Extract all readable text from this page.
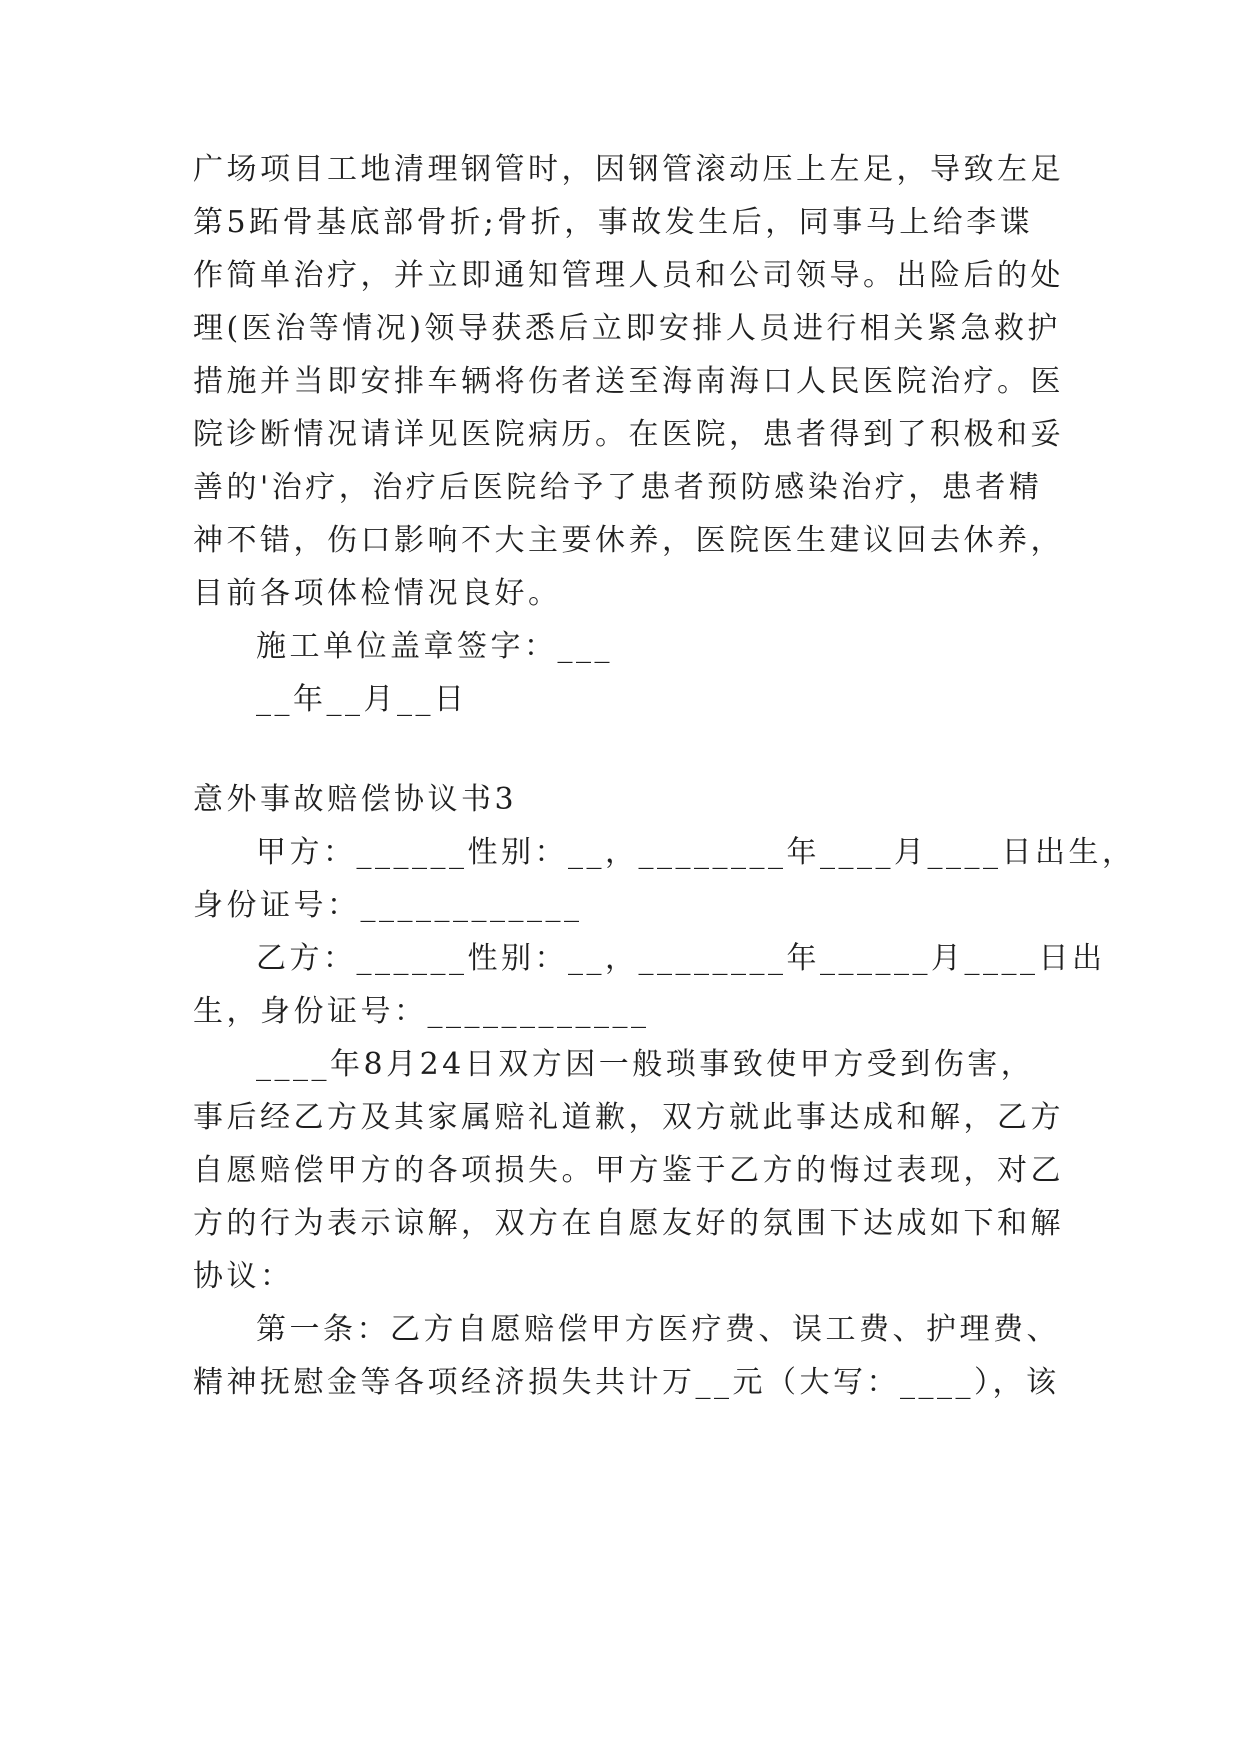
广场项目工地清理钢管时，因钢管滚动压上左足，导致左足
第5跖骨基底部骨折;骨折，事故发生后，同事马上给李谍
作简单治疗，并立即通知管理人员和公司领导。出险后的处
理(医治等情况)领导获悉后立即安排人员进行相关紧急救护
措施并当即安排车辆将伤者送至海南海口人民医院治疗。医
院诊断情况请详见医院病历。在医院，患者得到了积极和妥
善的'治疗，治疗后医院给予了患者预防感染治疗，患者精
神不错，伤口影响不大主要休养，医院医生建议回去休养，
目前各项体检情况良好。
施工单位盖章签字：___
__年__月__日
意外事故赔偿协议书3
甲方：______性别：__，________年____月____日出生，
身份证号：____________
乙方：______性别：__，________年______月____日出
生，身份证号：____________
____年8月24日双方因一般琐事致使甲方受到伤害，
事后经乙方及其家属赔礼道歉，双方就此事达成和解，乙方
自愿赔偿甲方的各项损失。甲方鉴于乙方的悔过表现，对乙
方的行为表示谅解，双方在自愿友好的氛围下达成如下和解
协议：
第一条：乙方自愿赔偿甲方医疗费、误工费、护理费、
精神抚慰金等各项经济损失共计万__元（大写：____），该
